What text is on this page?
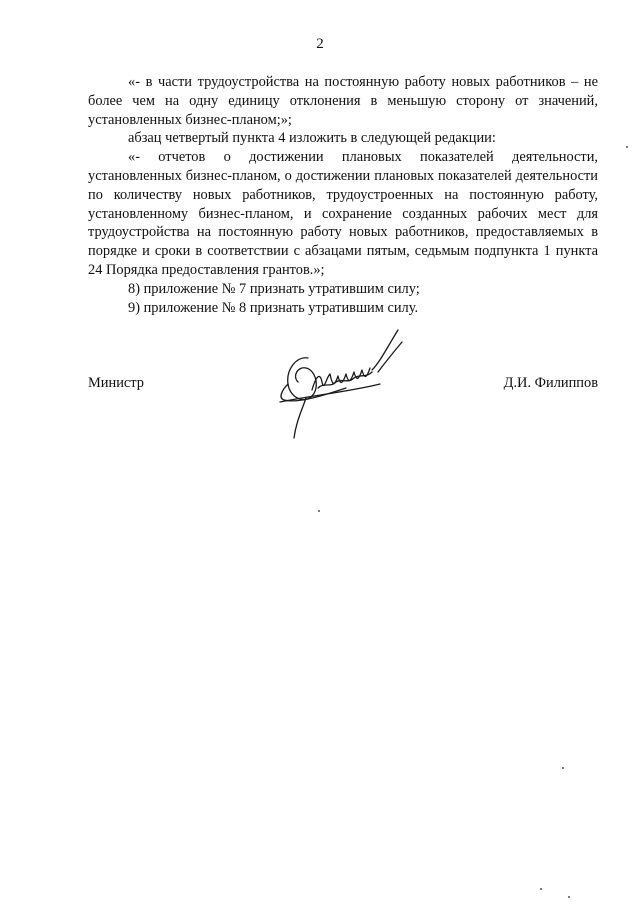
2

«- в части трудоустройства на постоянную работу новых работников – не более чем на одну единицу отклонения в меньшую сторону от значений, установленных бизнес-планом;»;

абзац четвертый пункта 4 изложить в следующей редакции:

«- отчетов о достижении плановых показателей деятельности, установленных бизнес-планом, о достижении плановых показателей деятельности по количеству новых работников, трудоустроенных на постоянную работу, установленному бизнес-планом, и сохранение созданных рабочих мест для трудоустройства на постоянную работу новых работников, предоставляемых в порядке и сроки в соответствии с абзацами пятым, седьмым подпункта 1 пункта 24 Порядка предоставления грантов.»;

8) приложение № 7 признать утратившим силу;

9) приложение № 8 признать утратившим силу.

Министр	Д.И. Филиппов
